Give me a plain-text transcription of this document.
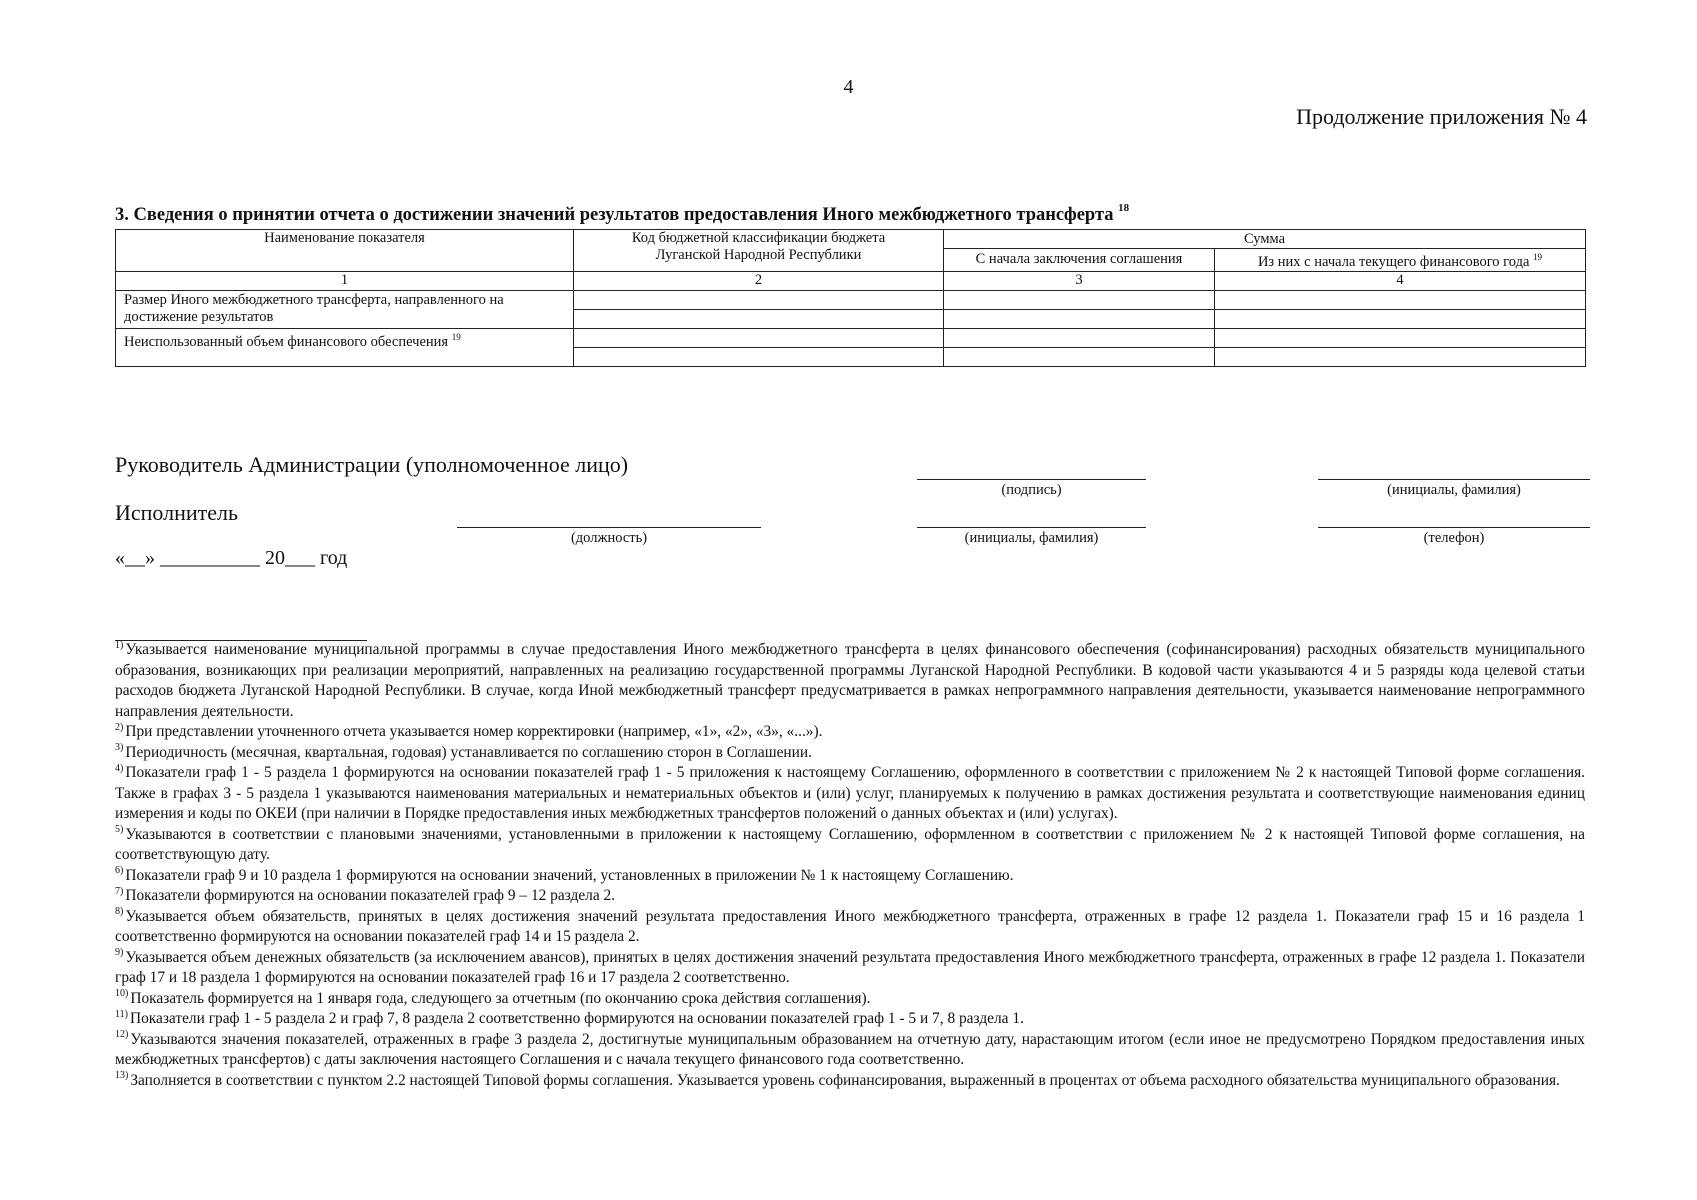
4
Продолжение приложения № 4
3. Сведения о принятии отчета о достижении значений результатов предоставления Иного межбюджетного трансферта $^{18}$
Наименование показателя	Код бюджетной классификации бюджета Луганской Народной Республики	Сумма	
		С начала заключения соглашения	Из них с начала текущего финансового года $^{19}$
1	2	3	4
Размер Иного межбюджетного трансферта, направленного на достижение результатов			

Неиспользованный объем финансового обеспечения $^{19}$			

Руководитель Администрации (уполномоченное лицо)
(подпись)	(инициалы, фамилия)
Исполнитель
(должность)	(инициалы, фамилия)	(телефон)
«__» __________ 20___ год

$^{1)}$ Указывается наименование муниципальной программы в случае предоставления Иного межбюджетного трансферта в целях финансового обеспечения (софинансирования) расходных обязательств муниципального образования, возникающих при реализации мероприятий, направленных на реализацию государственной программы Луганской Народной Республики. В кодовой части указываются 4 и 5 разряды кода целевой статьи расходов бюджета Луганской Народной Республики. В случае, когда Иной межбюджетный трансферт предусматривается в рамках непрограммного направления деятельности, указывается наименование непрограммного направления деятельности.

$^{2)}$ При представлении уточненного отчета указывается номер корректировки (например, «1», «2», «3», «...»).

$^{3)}$ Периодичность (месячная, квартальная, годовая) устанавливается по соглашению сторон в Соглашении.

$^{4)}$ Показатели граф 1 - 5 раздела 1 формируются на основании показателей граф 1 - 5 приложения к настоящему Соглашению, оформленного в соответствии с приложением № 2 к настоящей Типовой форме соглашения. Также в графах 3 - 5 раздела 1 указываются наименования материальных и нематериальных объектов и (или) услуг, планируемых к получению в рамках достижения результата и соответствующие наименования единиц измерения и коды по ОКЕИ (при наличии в Порядке предоставления иных межбюджетных трансфертов положений о данных объектах и (или) услугах).

$^{5)}$ Указываются в соответствии с плановыми значениями, установленными в приложении к настоящему Соглашению, оформленном в соответствии с приложением № 2 к настоящей Типовой форме соглашения, на соответствующую дату.

$^{6)}$ Показатели граф 9 и 10 раздела 1 формируются на основании значений, установленных в приложении № 1 к настоящему Соглашению.

$^{7)}$ Показатели формируются на основании показателей граф 9 – 12 раздела 2.

$^{8)}$ Указывается объем обязательств, принятых в целях достижения значений результата предоставления Иного межбюджетного трансферта, отраженных в графе 12 раздела 1. Показатели граф 15 и 16 раздела 1 соответственно формируются на основании показателей граф 14 и 15 раздела 2.

$^{9)}$ Указывается объем денежных обязательств (за исключением авансов), принятых в целях достижения значений результата предоставления Иного межбюджетного трансферта, отраженных в графе 12 раздела 1. Показатели граф 17 и 18 раздела 1 формируются на основании показателей граф 16 и 17 раздела 2 соответственно.

$^{10)}$ Показатель формируется на 1 января года, следующего за отчетным (по окончанию срока действия соглашения).

$^{11)}$ Показатели граф 1 - 5 раздела 2 и граф 7, 8 раздела 2 соответственно формируются на основании показателей граф 1 - 5 и 7, 8 раздела 1.

$^{12)}$ Указываются значения показателей, отраженных в графе 3 раздела 2, достигнутые муниципальным образованием на отчетную дату, нарастающим итогом (если иное не предусмотрено Порядком предоставления иных межбюджетных трансфертов) с даты заключения настоящего Соглашения и с начала текущего финансового года соответственно.

$^{13)}$ Заполняется в соответствии с пунктом 2.2 настоящей Типовой формы соглашения. Указывается уровень софинансирования, выраженный в процентах от объема расходного обязательства муниципального образования.
